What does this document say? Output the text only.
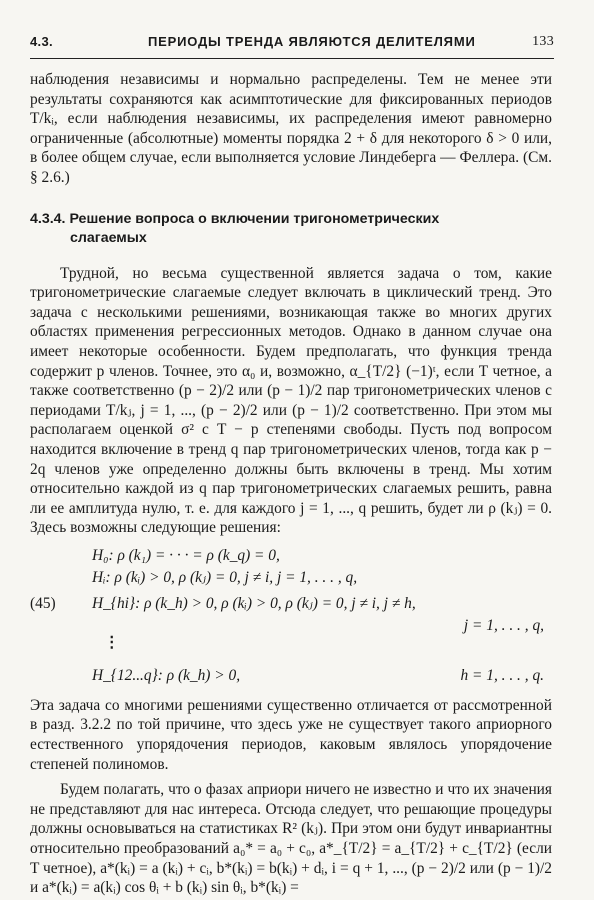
4.3.	ПЕРИОДЫ ТРЕНДА ЯВЛЯЮТСЯ ДЕЛИТЕЛЯМИ	133

наблюдения независимы и нормально распределены. Тем не менее эти результаты сохраняются как асимптотические для фиксированных периодов T/kᵢ, если наблюдения независимы, их распределения имеют равномерно ограниченные (абсолютные) моменты порядка 2 + δ для некоторого δ > 0 или, в более общем случае, если выполняется условие Линдеберга — Феллера. (См. § 2.6.)

4.3.4. Решение вопроса о включении тригонометрических
слагаемых

Трудной, но весьма существенной является задача о том, какие тригонометрические слагаемые следует включать в циклический тренд. Это задача с несколькими решениями, возникающая также во многих других областях применения регрессионных методов. Однако в данном случае она имеет некоторые особенности. Будем предполагать, что функция тренда содержит p членов. Точнее, это α₀ и, возможно, α_{T/2} (−1)ᵗ, если T четное, а также соответственно (p − 2)/2 или (p − 1)/2 пар тригонометрических членов с периодами T/kⱼ, j = 1, ..., (p − 2)/2 или (p − 1)/2 соответственно. При этом мы располагаем оценкой σ² с T − p степенями свободы. Пусть под вопросом находится включение в тренд q пар тригонометрических членов, тогда как p − 2q членов уже определенно должны быть включены в тренд. Мы хотим относительно каждой из q пар тригонометрических слагаемых решить, равна ли ее амплитуда нулю, т. е. для каждого j = 1, ..., q решить, будет ли ρ (kⱼ) = 0. Здесь возможны следующие решения:

H₀: ρ (k₁) = · · · = ρ (k_q) = 0,
Hᵢ: ρ (kᵢ) > 0, ρ (kⱼ) = 0, j ≠ i, j = 1, . . . , q,
(45) H_{hi}: ρ (k_h) > 0, ρ (kᵢ) > 0, ρ (kⱼ) = 0, j ≠ i, j ≠ h,
j = 1, . . . , q,
⋮
H_{12...q}: ρ (k_h) > 0,	h = 1, . . . , q.

Эта задача со многими решениями существенно отличается от рассмотренной в разд. 3.2.2 по той причине, что здесь уже не существует такого априорного естественного упорядочения периодов, каковым являлось упорядочение степеней полиномов.

Будем полагать, что о фазах априори ничего не известно и что их значения не представляют для нас интереса. Отсюда следует, что решающие процедуры должны основываться на статистиках R² (kⱼ). При этом они будут инвариантны относительно преобразований a₀* = a₀ + c₀, a*_{T/2} = a_{T/2} + c_{T/2} (если T четное), a*(kᵢ) = a (kᵢ) + cᵢ, b*(kᵢ) = b(kᵢ) + dᵢ, i = q + 1, ..., (p − 2)/2 или (p − 1)/2 и a*(kᵢ) = a(kᵢ) cos θᵢ + b (kᵢ) sin θᵢ, b*(kᵢ) =
